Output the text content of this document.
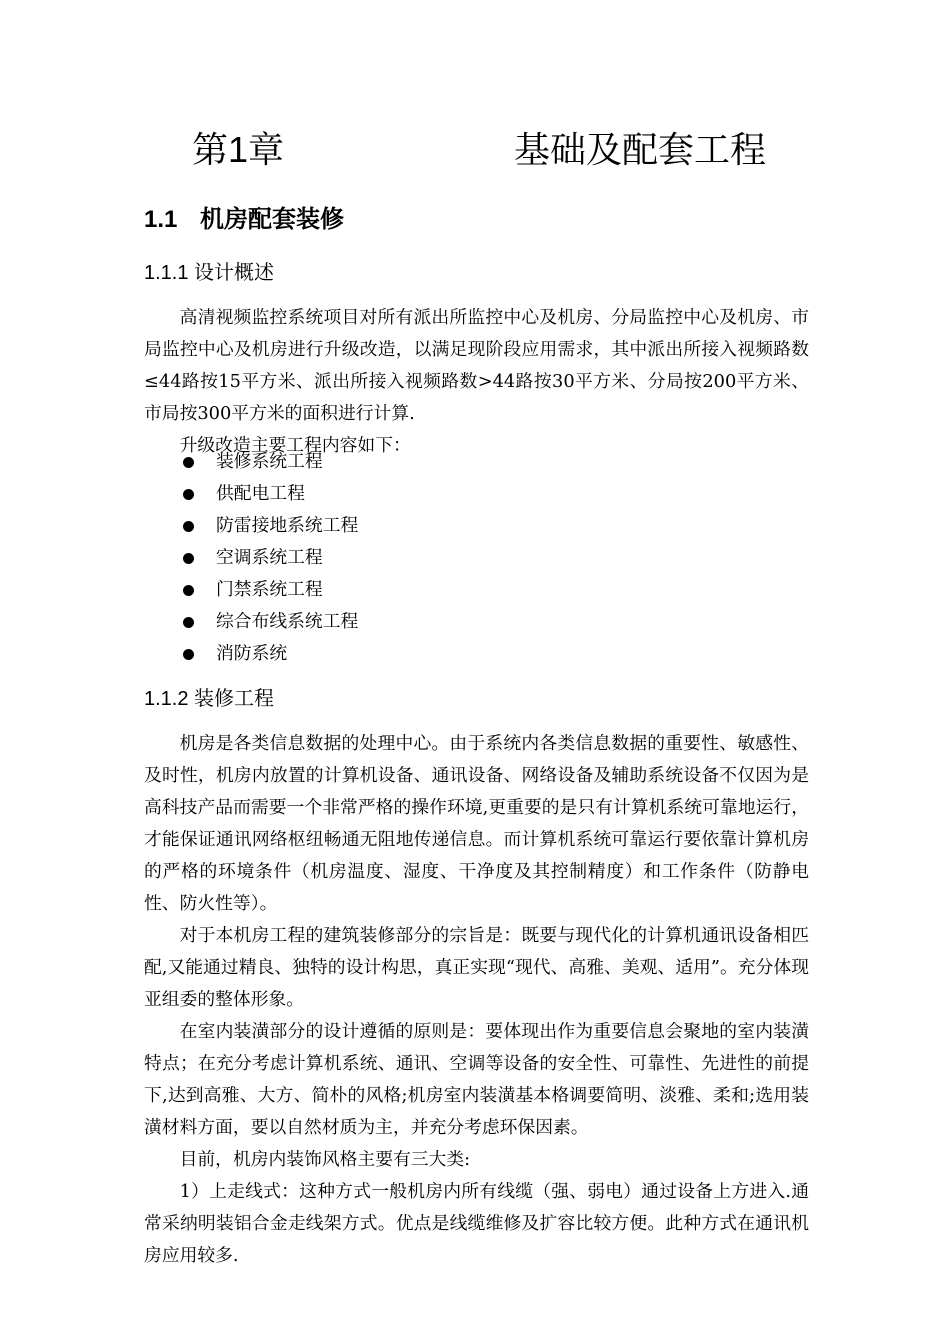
第1章	基础及配套工程
1.1 机房配套装修
1.1.1 设计概述

高清视频监控系统项目对所有派出所监控中心及机房、分局监控中心及机房、市局监控中心及机房进行升级改造，以满足现阶段应用需求，其中派出所接入视频路数≤44路按15平方米、派出所接入视频路数>44路按30平方米、分局按200平方米、市局按300平方米的面积进行计算.

升级改造主要工程内容如下：

装修系统工程
供配电工程
防雷接地系统工程
空调系统工程
门禁系统工程
综合布线系统工程
消防系统
1.1.2 装修工程

机房是各类信息数据的处理中心。由于系统内各类信息数据的重要性、敏感性、及时性，机房内放置的计算机设备、通讯设备、网络设备及辅助系统设备不仅因为是高科技产品而需要一个非常严格的操作环境,更重要的是只有计算机系统可靠地运行，才能保证通讯网络枢纽畅通无阻地传递信息。而计算机系统可靠运行要依靠计算机房的严格的环境条件（机房温度、湿度、干净度及其控制精度）和工作条件（防静电性、防火性等）。

对于本机房工程的建筑装修部分的宗旨是：既要与现代化的计算机通讯设备相匹配,又能通过精良、独特的设计构思，真正实现“现代、高雅、美观、适用”。充分体现亚组委的整体形象。

在室内装潢部分的设计遵循的原则是：要体现出作为重要信息会聚地的室内装潢特点；在充分考虑计算机系统、通讯、空调等设备的安全性、可靠性、先进性的前提下,达到高雅、大方、简朴的风格;机房室内装潢基本格调要简明、淡雅、柔和;选用装潢材料方面，要以自然材质为主，并充分考虑环保因素。

目前，机房内装饰风格主要有三大类:

1）上走线式：这种方式一般机房内所有线缆（强、弱电）通过设备上方进入.通常采纳明装铝合金走线架方式。优点是线缆维修及扩容比较方便。此种方式在通讯机房应用较多.
